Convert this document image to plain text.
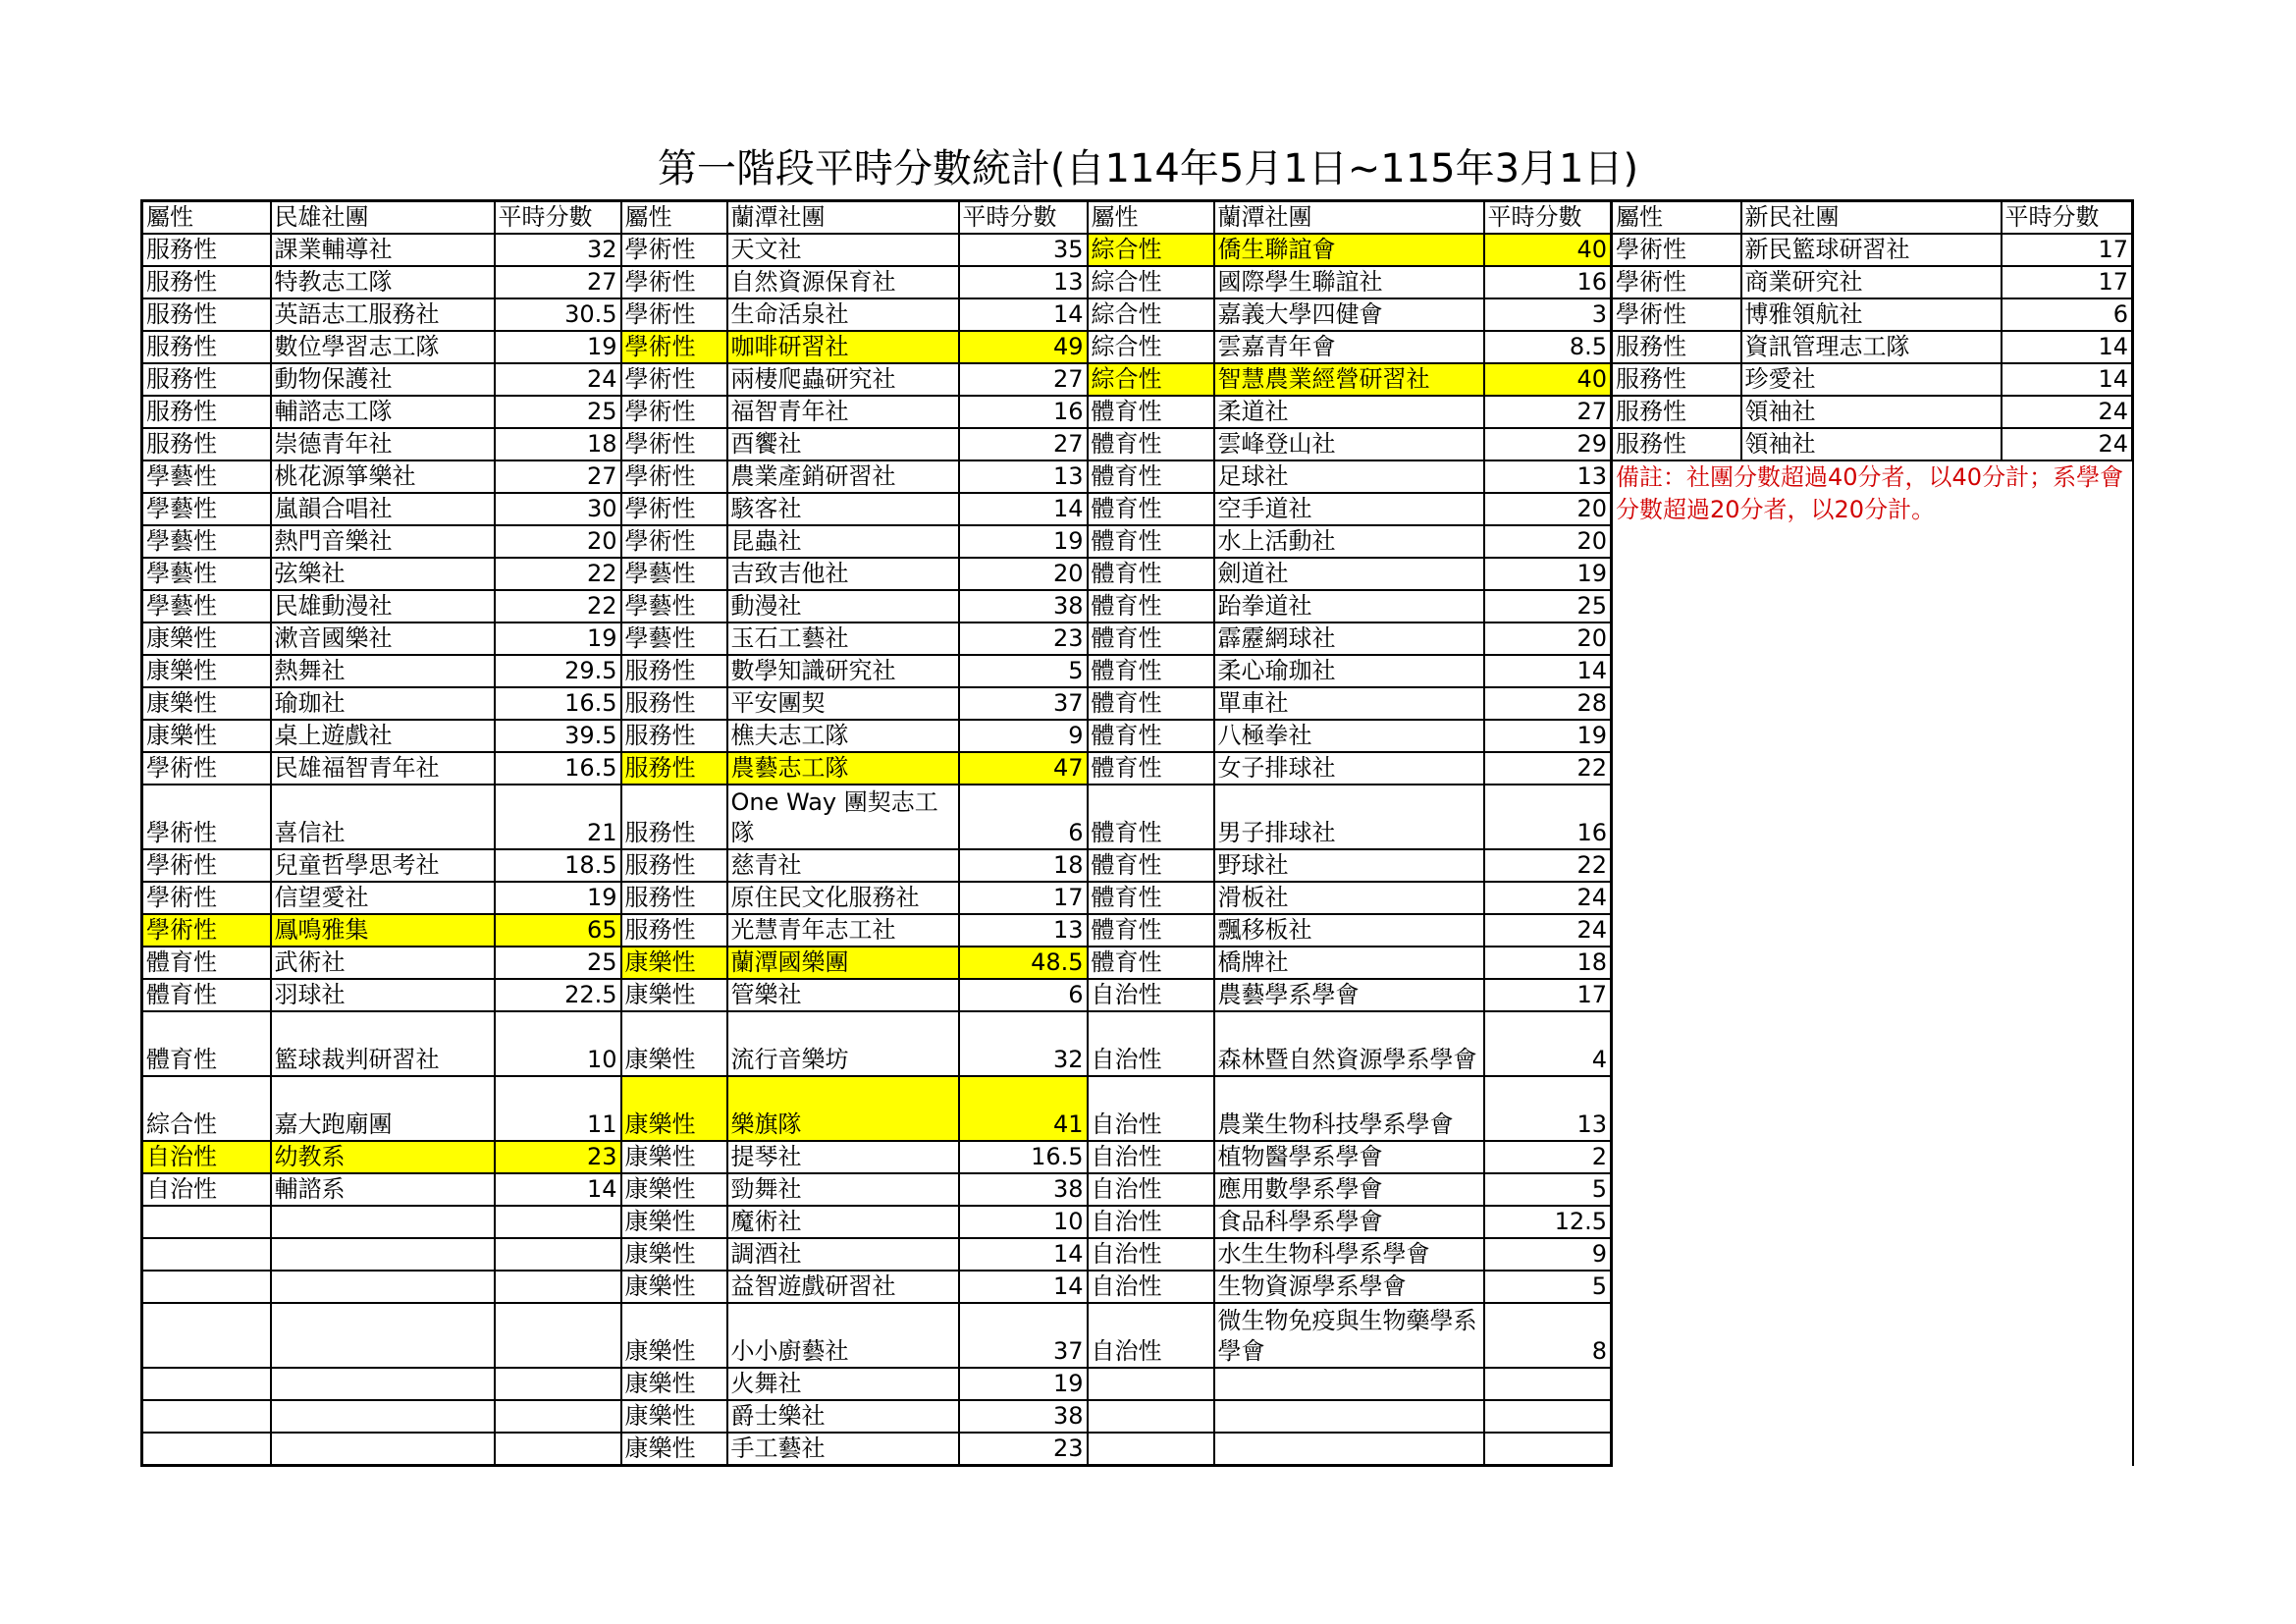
第一階段平時分數統計(自114年5月1日~115年3月1日)
屬性	民雄社團	平時分數	屬性	蘭潭社團	平時分數	屬性	蘭潭社團	平時分數	屬性	新民社團	平時分數
服務性	課業輔導社	32	學術性	天文社	35	綜合性	僑生聯誼會	40	學術性	新民籃球研習社	17
服務性	特教志工隊	27	學術性	自然資源保育社	13	綜合性	國際學生聯誼社	16	學術性	商業研究社	17
服務性	英語志工服務社	30.5	學術性	生命活泉社	14	綜合性	嘉義大學四健會	3	學術性	博雅領航社	6
服務性	數位學習志工隊	19	學術性	咖啡研習社	49	綜合性	雲嘉青年會	8.5	服務性	資訊管理志工隊	14
服務性	動物保護社	24	學術性	兩棲爬蟲研究社	27	綜合性	智慧農業經營研習社	40	服務性	珍愛社	14
服務性	輔諮志工隊	25	學術性	福智青年社	16	體育性	柔道社	27	服務性	領袖社	24
服務性	崇德青年社	18	學術性	酉饗社	27	體育性	雲峰登山社	29	服務性	領袖社	24
學藝性	桃花源箏樂社	27	學術性	農業產銷研習社	13	體育性	足球社	13	備註：社團分數超過40分者，以40分計；系學會分數超過20分者，以20分計。		
學藝性	嵐韻合唱社	30	學術性	駭客社	14	體育性	空手道社	20			
學藝性	熱門音樂社	20	學術性	昆蟲社	19	體育性	水上活動社	20			
學藝性	弦樂社	22	學藝性	吉致吉他社	20	體育性	劍道社	19			
學藝性	民雄動漫社	22	學藝性	動漫社	38	體育性	跆拳道社	25			
康樂性	漱音國樂社	19	學藝性	玉石工藝社	23	體育性	霹靂網球社	20			
康樂性	熱舞社	29.5	服務性	數學知識研究社	5	體育性	柔心瑜珈社	14			
康樂性	瑜珈社	16.5	服務性	平安團契	37	體育性	單車社	28			
康樂性	桌上遊戲社	39.5	服務性	樵夫志工隊	9	體育性	八極拳社	19			
學術性	民雄福智青年社	16.5	服務性	農藝志工隊	47	體育性	女子排球社	22			
學術性	喜信社	21	服務性	One Way 團契志工隊	6	體育性	男子排球社	16			
學術性	兒童哲學思考社	18.5	服務性	慈青社	18	體育性	野球社	22			
學術性	信望愛社	19	服務性	原住民文化服務社	17	體育性	滑板社	24			
學術性	鳳鳴雅集	65	服務性	光慧青年志工社	13	體育性	飄移板社	24			
體育性	武術社	25	康樂性	蘭潭國樂團	48.5	體育性	橋牌社	18			
體育性	羽球社	22.5	康樂性	管樂社	6	自治性	農藝學系學會	17			
體育性	籃球裁判研習社	10	康樂性	流行音樂坊	32	自治性	森林暨自然資源學系學會	4			
綜合性	嘉大跑廟團	11	康樂性	樂旗隊	41	自治性	農業生物科技學系學會	13			
自治性	幼教系	23	康樂性	提琴社	16.5	自治性	植物醫學系學會	2			
自治性	輔諮系	14	康樂性	勁舞社	38	自治性	應用數學系學會	5			
			康樂性	魔術社	10	自治性	食品科學系學會	12.5			
			康樂性	調酒社	14	自治性	水生生物科學系學會	9			
			康樂性	益智遊戲研習社	14	自治性	生物資源學系學會	5			
			康樂性	小小廚藝社	37	自治性	微生物免疫與生物藥學系學會	8			
			康樂性	火舞社	19						
			康樂性	爵士樂社	38						
			康樂性	手工藝社	23						
